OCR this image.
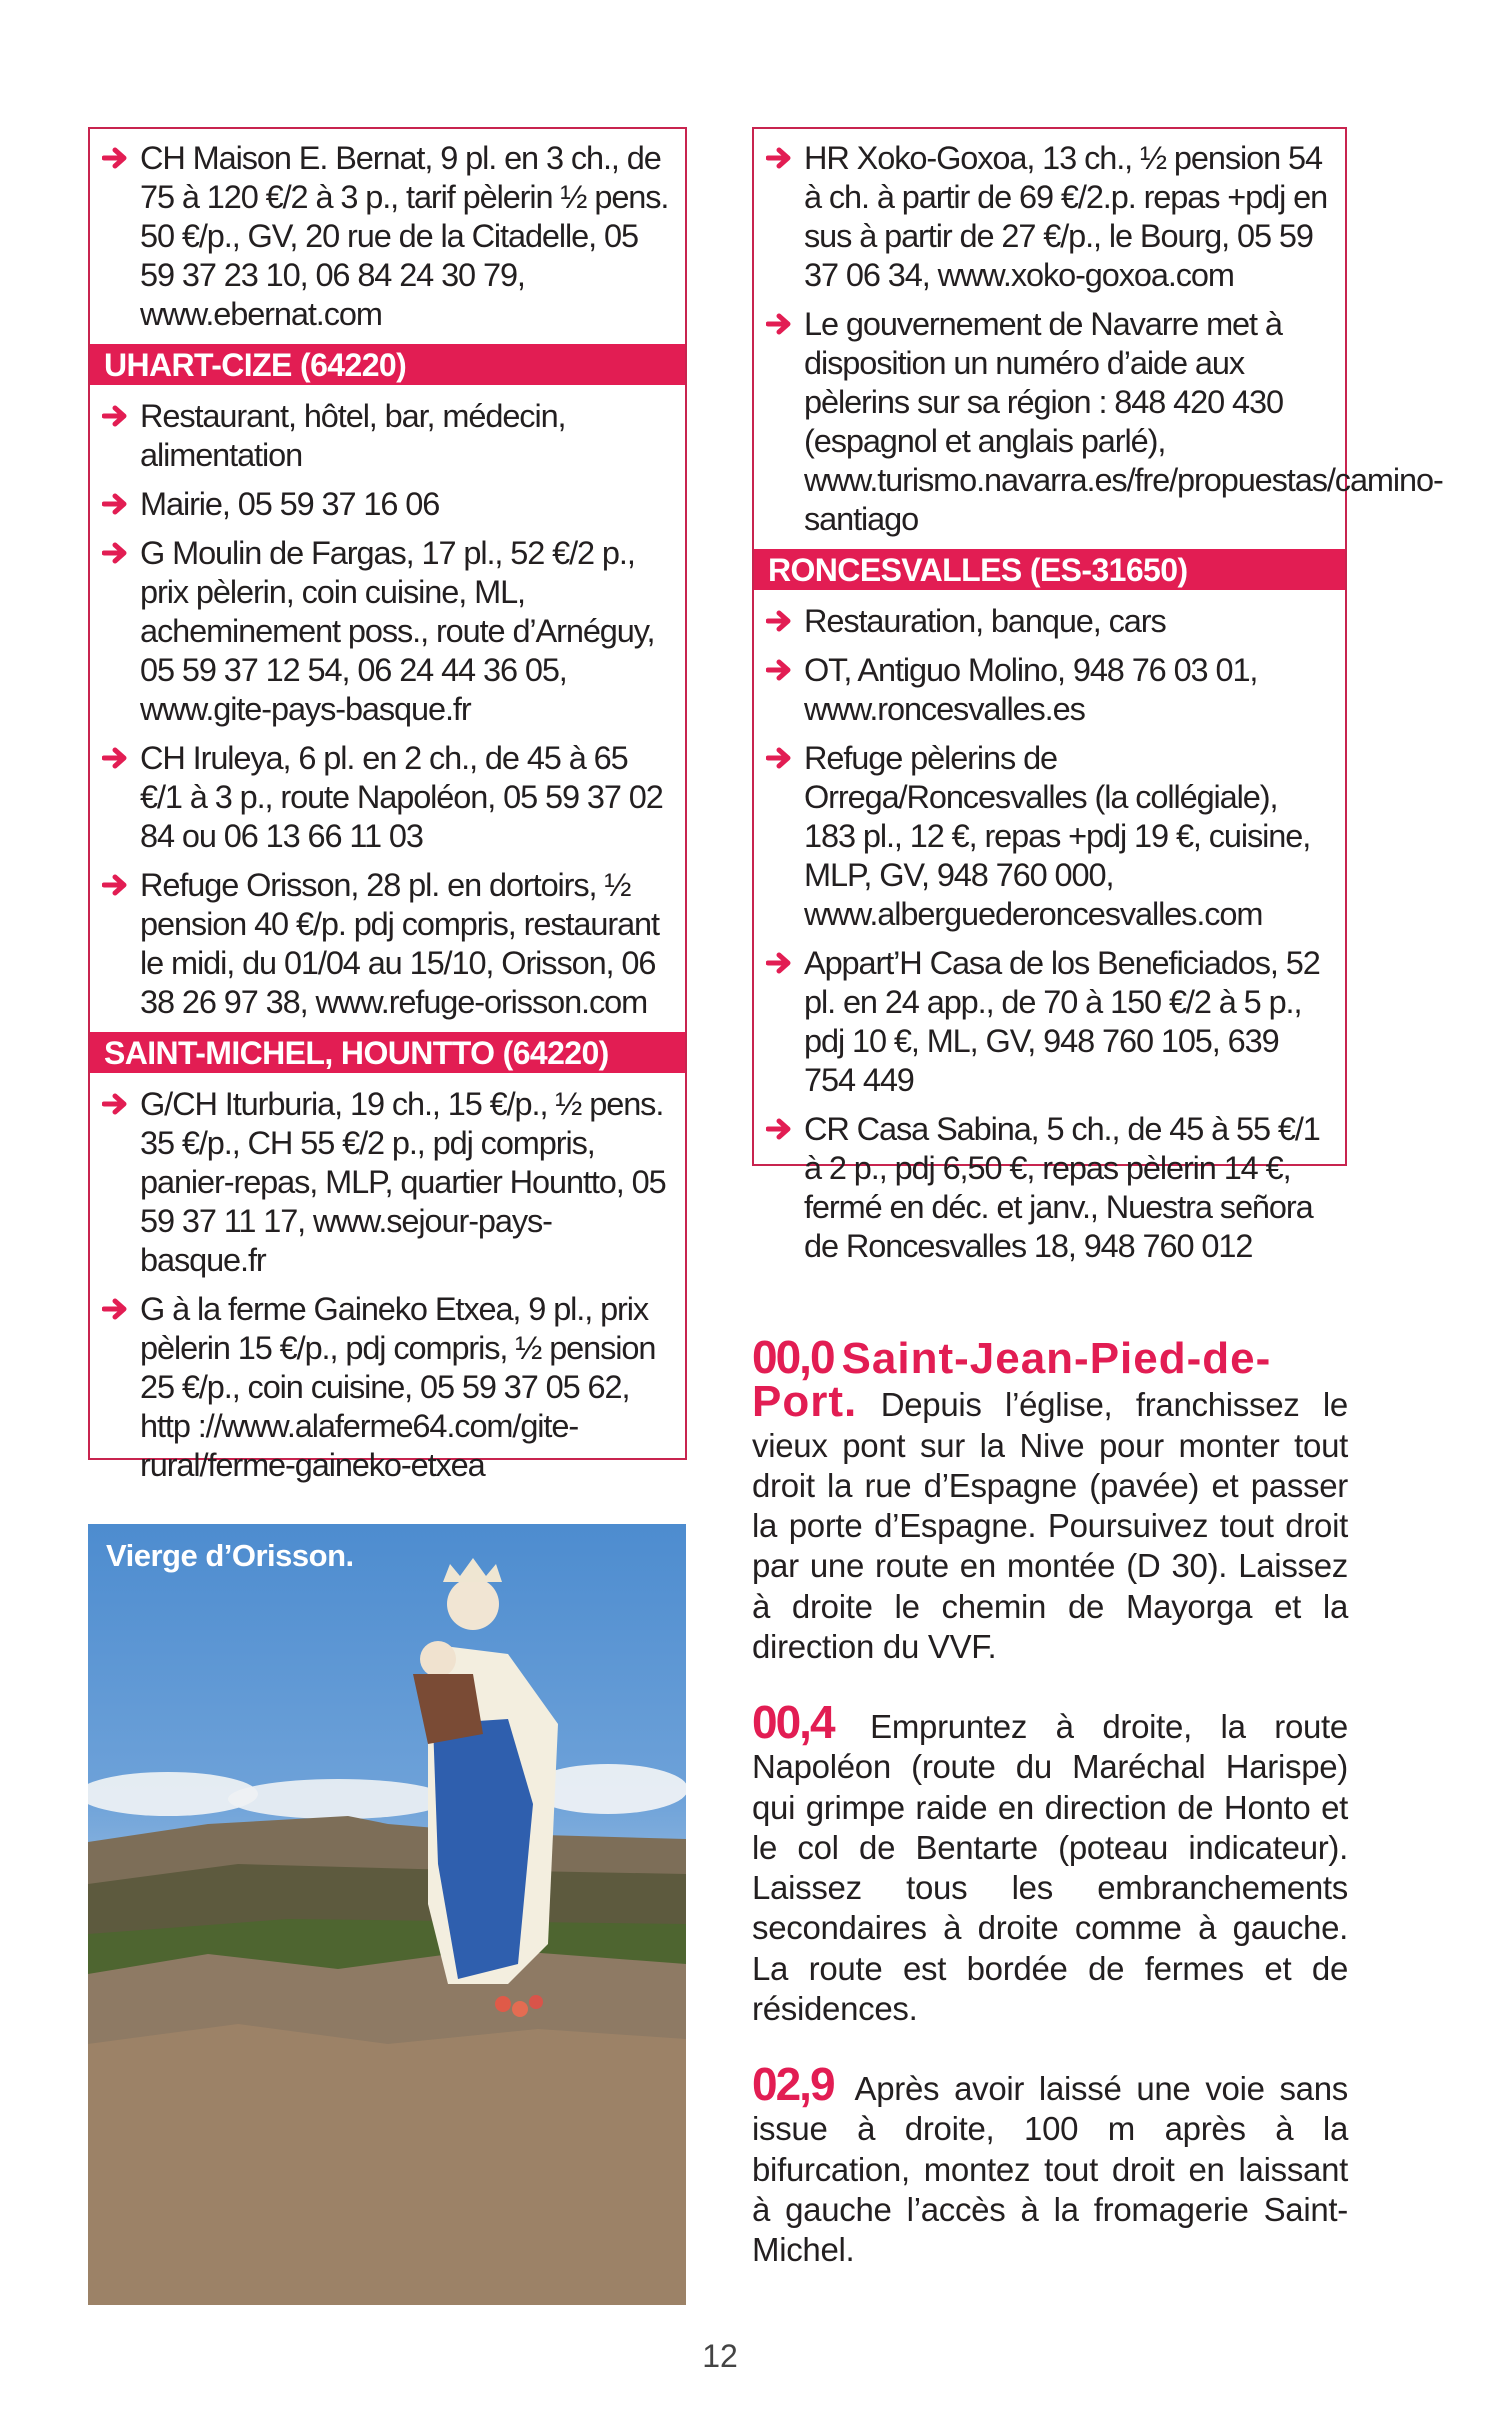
CH Maison E. Bernat, 9 pl. en 3 ch., de 75 à 120 €/2 à 3 p., tarif pèlerin ½ pens. 50 €/p., GV, 20 rue de la Citadelle, 05 59 37 23 10, 06 84 24 30 79, www.ebernat.com
UHART-CIZE (64220)
Restaurant, hôtel, bar, médecin, alimentation
Mairie, 05 59 37 16 06
G Moulin de Fargas, 17 pl., 52 €/2 p., prix pèlerin, coin cuisine, ML, acheminement poss., route d’Arnéguy, 05 59 37 12 54, 06 24 44 36 05, www.gite-pays-basque.fr
CH Iruleya, 6 pl. en 2 ch., de 45 à 65 €/1 à 3 p., route Napoléon, 05 59 37 02 84 ou 06 13 66 11 03
Refuge Orisson, 28 pl. en dortoirs, ½ pension 40 €/p. pdj compris, restaurant le midi, du 01/04 au 15/10, Orisson, 06 38 26 97 38, www.refuge-orisson.com
SAINT-MICHEL, HOUNTTO (64220)
G/CH Iturburia, 19 ch., 15 €/p., ½ pens. 35 €/p., CH 55 €/2 p., pdj compris, panier-repas, MLP, quartier Hountto, 05 59 37 11 17, www.sejour-pays-basque.fr
G à la ferme Gaineko Etxea, 9 pl., prix pèlerin 15 €/p., pdj compris, ½ pension 25 €/p., coin cuisine, 05 59 37 05 62, http ://www.alaferme64.com/gite-rural/ferme-gaineko-etxea
HR Xoko-Goxoa, 13 ch., ½ pension 54 à ch. à partir de 69 €/2.p. repas +pdj en sus à partir de 27 €/p., le Bourg, 05 59 37 06 34, www.xoko-goxoa.com
Le gouvernement de Navarre met à disposition un numéro d’aide aux pèlerins sur sa région : 848 420 430 (espagnol et anglais parlé), www.turismo.navarra.es/fre/propuestas/camino-santiago
RONCESVALLES (ES-31650)
Restauration, banque, cars
OT, Antiguo Molino, 948 76 03 01, www.roncesvalles.es
Refuge pèlerins de Orrega/Roncesvalles (la collégiale), 183 pl., 12 €, repas +pdj 19 €, cuisine, MLP, GV, 948 760 000, www.alberguederoncesvalles.com
Appart’H Casa de los Beneficiados, 52 pl. en 24 app., de 70 à 150 €/2 à 5 p., pdj 10 €, ML, GV, 948 760 105, 639 754 449
CR Casa Sabina, 5 ch., de 45 à 55 €/1 à 2 p., pdj 6,50 €, repas pèlerin 14 €, fermé en déc. et janv., Nuestra señora de Roncesvalles 18, 948 760 012
Vierge d’Orisson.
00,0 Saint-Jean-Pied-de-Port. Depuis l’église, franchissez le vieux pont sur la Nive pour monter tout droit la rue d’Espagne (pavée) et passer la porte d’Espagne. Poursuivez tout droit par une route en montée (D 30). Laissez à droite le chemin de Mayorga et la direction du VVF.
00,4 Empruntez à droite, la route Napoléon (route du Maréchal Harispe) qui grimpe raide en direction de Honto et le col de Bentarte (poteau indicateur). Laissez tous les embranchements secondaires à droite comme à gauche. La route est bordée de fermes et de résidences.
02,9 Après avoir laissé une voie sans issue à droite, 100 m après à la bifurcation, montez tout droit en laissant à gauche l’accès à la fromagerie Saint-Michel.
12
